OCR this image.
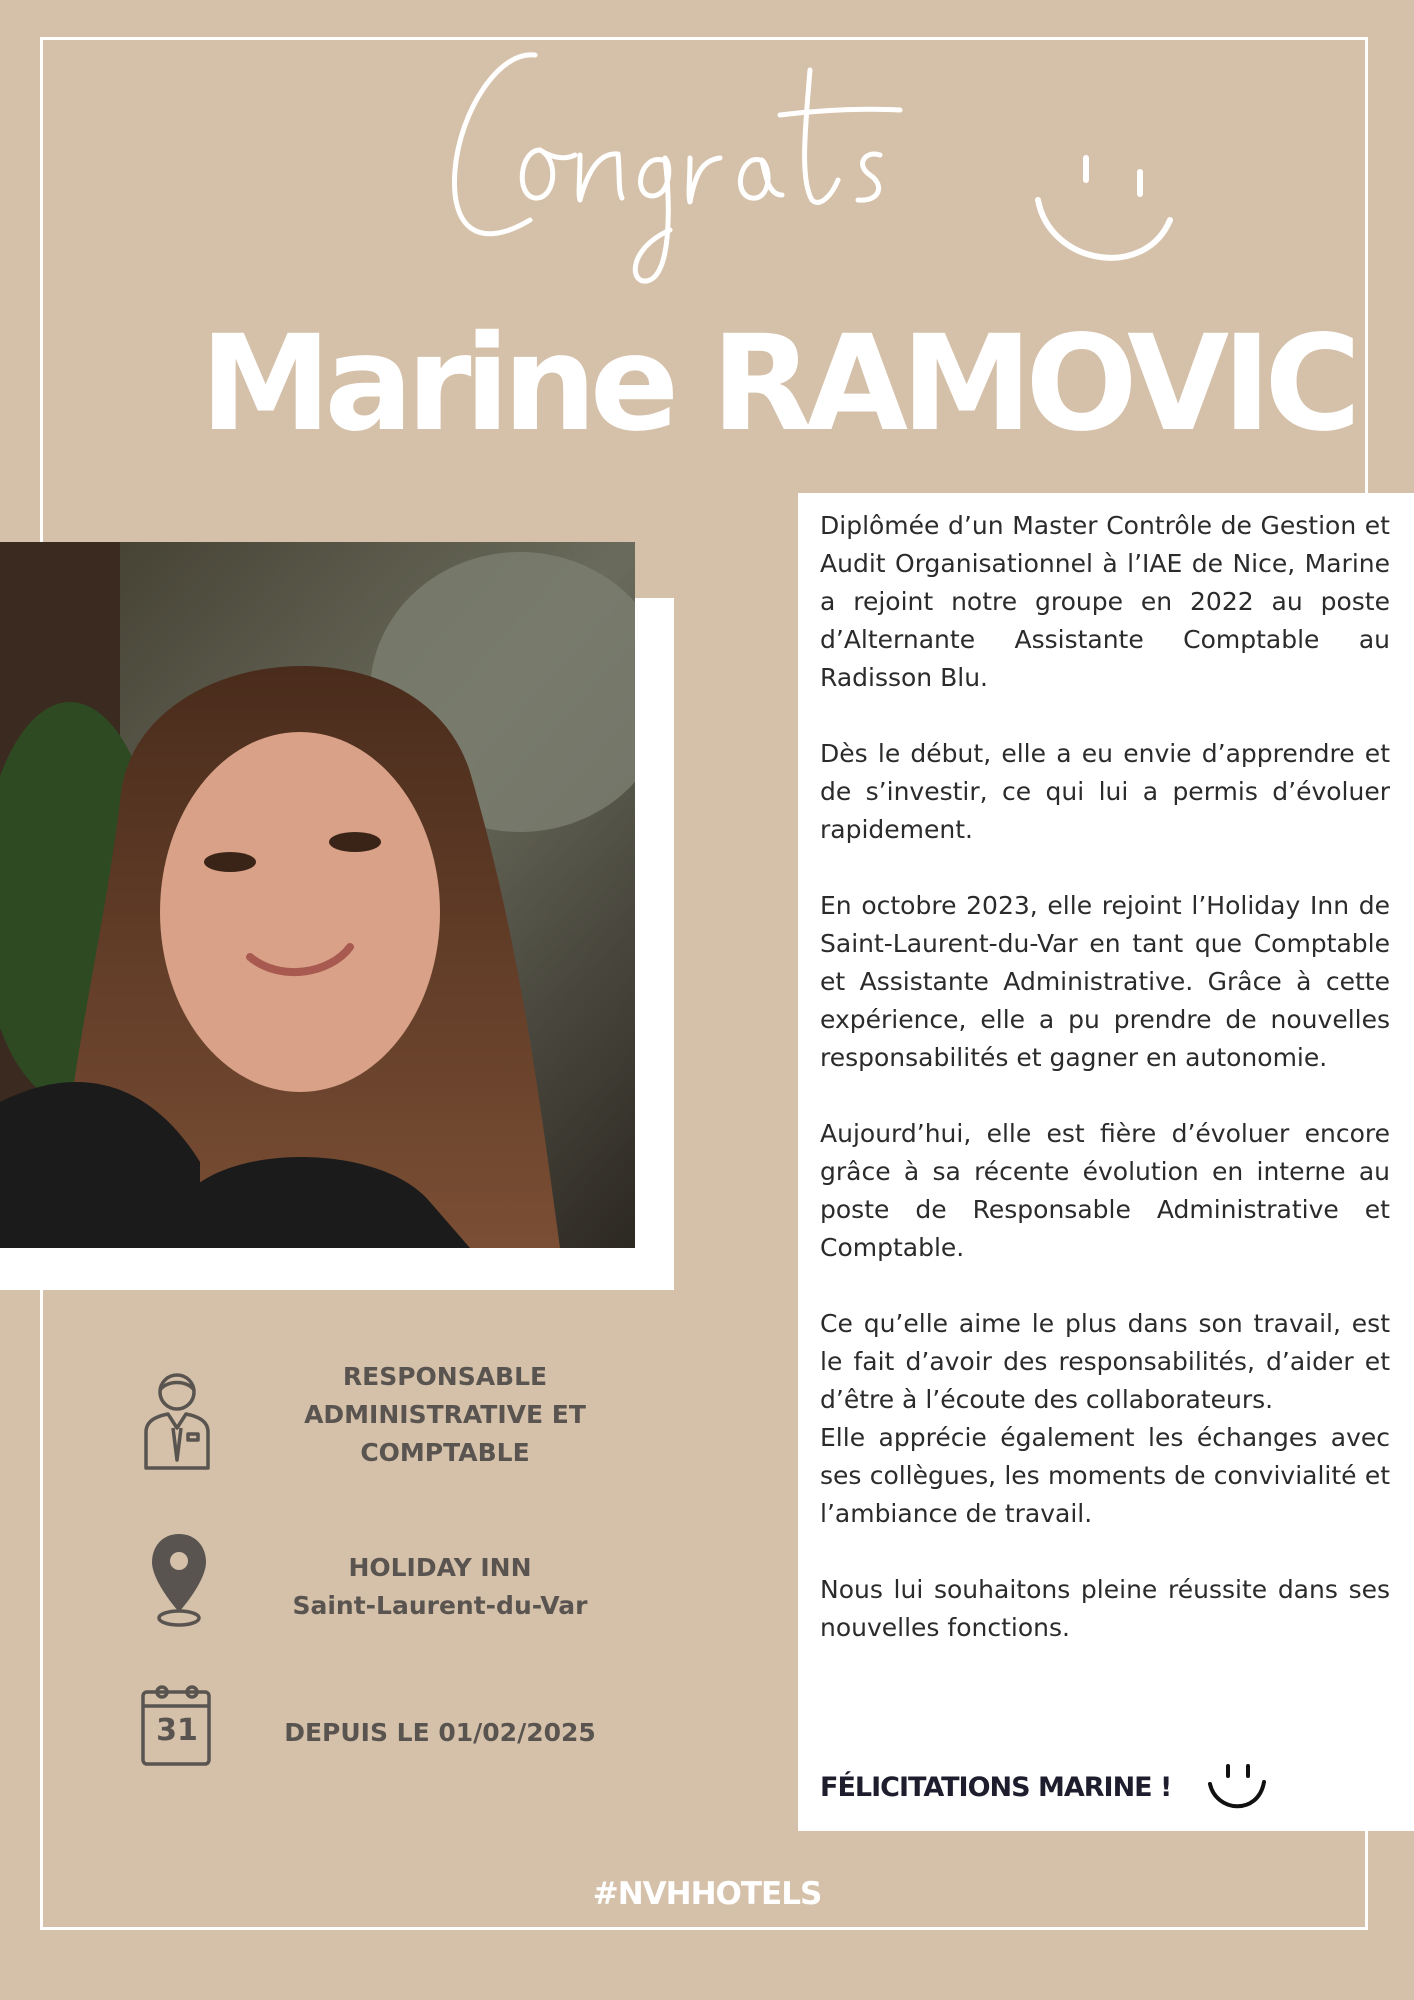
Marine RAMOVIC

Diplômée d’un Master Contrôle de Gestion et Audit Organisationnel à l’IAE de Nice, Marine a rejoint notre groupe en 2022 au poste d’Alternante Assistante Comptable au Radisson Blu.

Dès le début, elle a eu envie d’apprendre et de s’investir, ce qui lui a permis d’évoluer rapidement.

En octobre 2023, elle rejoint l’Holiday Inn de Saint-Laurent-du-Var en tant que Comptable et Assistante Administrative. Grâce à cette expérience, elle a pu prendre de nouvelles responsabilités et gagner en autonomie.

Aujourd’hui, elle est fière d’évoluer encore grâce à sa récente évolution en interne au poste de Responsable Administrative et Comptable.

Ce qu’elle aime le plus dans son travail, est le fait d’avoir des responsabilités, d’aider et d’être à l’écoute des collaborateurs.

Elle apprécie également les échanges avec ses collègues, les moments de convivialité et l’ambiance de travail.

Nous lui souhaitons pleine réussite dans ses nouvelles fonctions.

FÉLICITATIONS MARINE !
RESPONSABLE
ADMINISTRATIVE ET
COMPTABLE
HOLIDAY INN
Saint-Laurent-du-Var
31	DEPUIS LE 01/02/2025
#NVHHOTELS
